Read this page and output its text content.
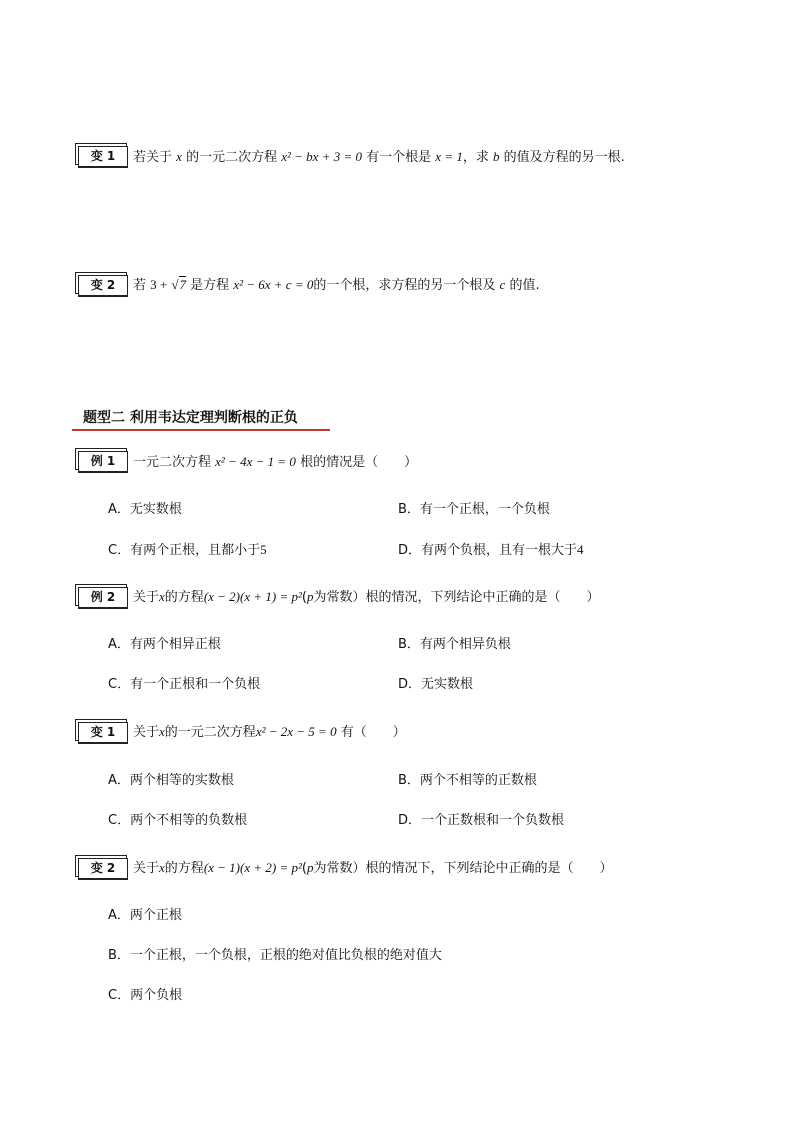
变 1	若关于 x 的一元二次方程 x² − bx + 3 = 0 有一个根是 x = 1，求 b 的值及方程的另一根.
变 2	若 3 + √7 是方程 x² − 6x + c = 0的一个根，求方程的另一个根及 c 的值.
题型二 利用韦达定理判断根的正负
例 1	一元二次方程 x² − 4x − 1 = 0 根的情况是（　　）
A．无实数根	B．有一个正根，一个负根
C．有两个正根，且都小于5	D．有两个负根，且有一根大于4
例 2	关于x的方程(x − 2)(x + 1) = p²(p为常数）根的情况，下列结论中正确的是（　　）
A．有两个相异正根	B．有两个相异负根
C．有一个正根和一个负根	D．无实数根
变 1	关于x的一元二次方程x² − 2x − 5 = 0 有（　　）
A．两个相等的实数根	B．两个不相等的正数根
C．两个不相等的负数根	D．一个正数根和一个负数根
变 2	关于x的方程(x − 1)(x + 2) = p²(p为常数）根的情况下，下列结论中正确的是（　　）
A．两个正根
B．一个正根，一个负根，正根的绝对值比负根的绝对值大
C．两个负根
